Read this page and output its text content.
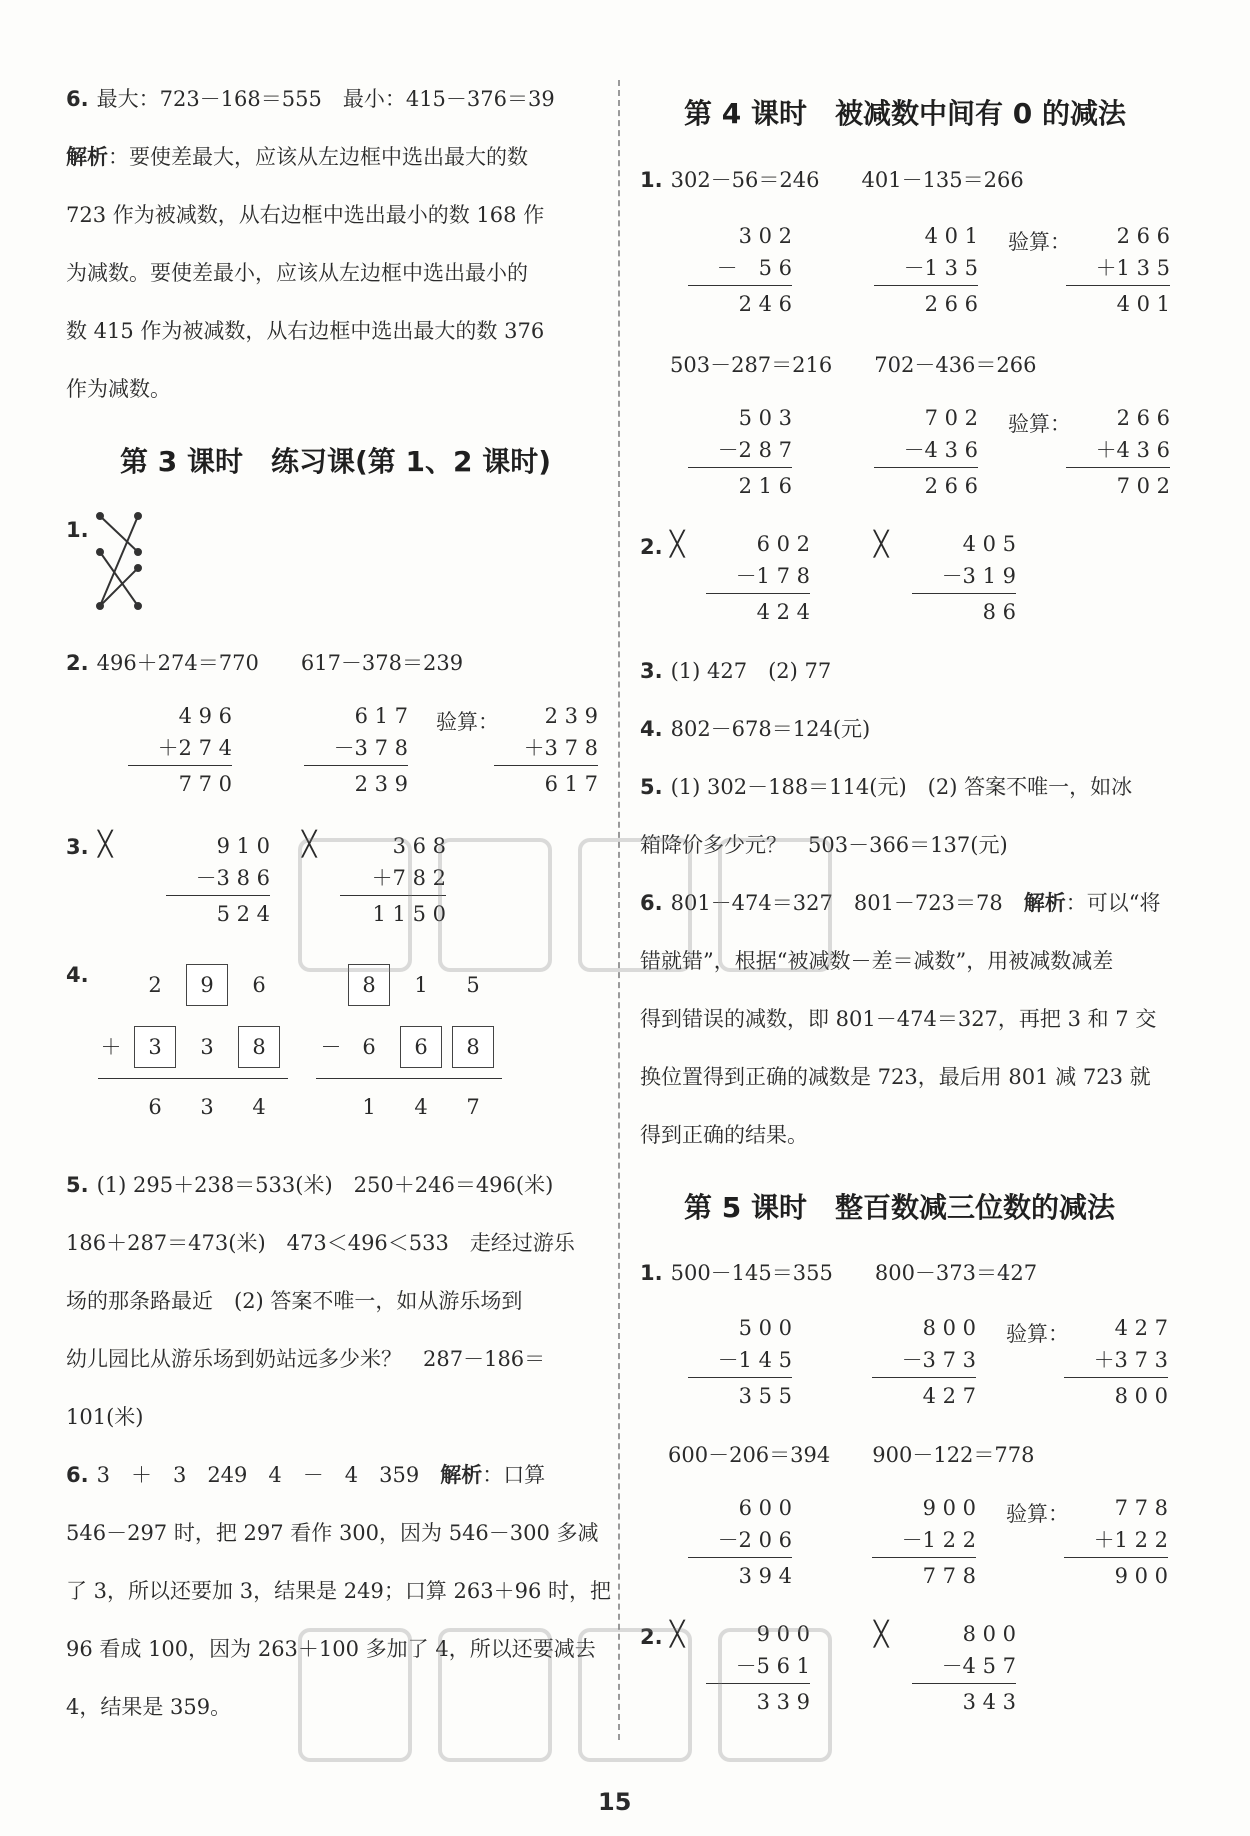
6. 最大：723－168＝555　最小：415－376＝39
解析：要使差最大，应该从左边框中选出最大的数
723 作为被减数，从右边框中选出最小的数 168 作
为减数。要使差最小，应该从左边框中选出最小的
数 415 作为被减数，从右边框中选出最大的数 376
作为减数。
第 3 课时　练习课(第 1、2 课时)
1.
2. 496＋274＝770　　617－378＝239
4 9 6
＋2 7 4
7 7 0
6 1 7
－3 7 8
2 3 9
验算：	2 3 9
＋3 7 8
6 1 7
3. ╳	9 1 0
－3 8 6
5 2 4
╳	3 6 8
＋7 8 2
1 1 5 0
4.	2	9	6
＋	3	3	8
6	3	4
8	1	5
－ 6	6	8
1	4	7
5. (1) 295＋238＝533(米)　250＋246＝496(米)
186＋287＝473(米)　473＜496＜533　走经过游乐
场的那条路最近　(2) 答案不唯一，如从游乐场到
幼儿园比从游乐场到奶站远多少米？　287－186＝
101(米)
6. 3　＋　3　249　4　－　4　359　解析：口算
546－297 时，把 297 看作 300，因为 546－300 多减
了 3，所以还要加 3，结果是 249；口算 263＋96 时，把
96 看成 100，因为 263＋100 多加了 4，所以还要减去
4，结果是 359。
第 4 课时　被减数中间有 0 的减法
1. 302－56＝246　　401－135＝266
3 0 2
－　5 6
2 4 6
4 0 1
－1 3 5
2 6 6
验算：	2 6 6
＋1 3 5
4 0 1
503－287＝216　　702－436＝266
5 0 3
－2 8 7
2 1 6
7 0 2
－4 3 6
2 6 6
验算：	2 6 6
＋4 3 6
7 0 2
2. ╳	6 0 2
－1 7 8
4 2 4
╳	4 0 5
－3 1 9
8 6
3. (1) 427　(2) 77
4. 802－678＝124(元)
5. (1) 302－188＝114(元)　(2) 答案不唯一，如冰
箱降价多少元？　503－366＝137(元)
6. 801－474＝327　801－723＝78　解析：可以“将
错就错”，根据“被减数－差＝减数”，用被减数减差
得到错误的减数，即 801－474＝327，再把 3 和 7 交
换位置得到正确的减数是 723，最后用 801 减 723 就
得到正确的结果。
第 5 课时　整百数减三位数的减法
1. 500－145＝355　　800－373＝427
5 0 0
－1 4 5
3 5 5
8 0 0
－3 7 3
4 2 7
验算：	4 2 7
＋3 7 3
8 0 0
600－206＝394　　900－122＝778
6 0 0
－2 0 6
3 9 4
9 0 0
－1 2 2
7 7 8
验算：	7 7 8
＋1 2 2
9 0 0
2. ╳	9 0 0
－5 6 1
3 3 9
╳	8 0 0
－4 5 7
3 4 3
15
